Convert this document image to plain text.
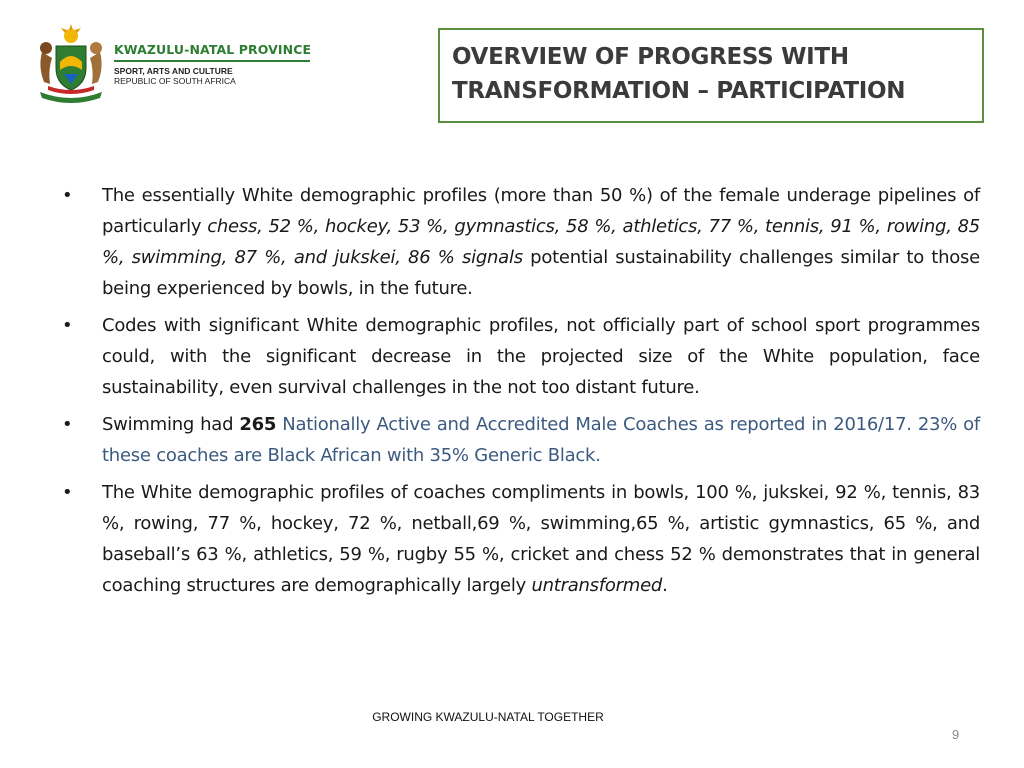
KWAZULU-NATAL PROVINCE
SPORT, ARTS AND CULTURE
REPUBLIC OF SOUTH AFRICA

OVERVIEW OF PROGRESS WITH

TRANSFORMATION – PARTICIPATION

•	The essentially White demographic profiles (more than 50 %) of the female underage pipelines of particularly chess, 52 %, hockey, 53 %, gymnastics, 58 %, athletics, 77 %, tennis, 91 %, rowing, 85 %, swimming, 87 %, and jukskei, 86 % signals potential sustainability challenges similar to those being experienced by bowls, in the future.
•	Codes with significant White demographic profiles, not officially part of school sport programmes could, with the significant decrease in the projected size of the White population, face sustainability, even survival challenges in the not too distant future.
•	Swimming had 265 Nationally Active and Accredited Male Coaches as reported in 2016/17. 23% of these coaches are Black African with 35% Generic Black.
•	The White demographic profiles of coaches compliments in bowls, 100 %, jukskei, 92 %, tennis, 83 %, rowing, 77 %, hockey, 72 %, netball,69 %, swimming,65 %, artistic gymnastics, 65 %, and baseball’s 63 %, athletics, 59 %, rugby 55 %, cricket and chess 52 % demonstrates that in general coaching structures are demographically largely untransformed.
GROWING KWAZULU-NATAL TOGETHER
9
